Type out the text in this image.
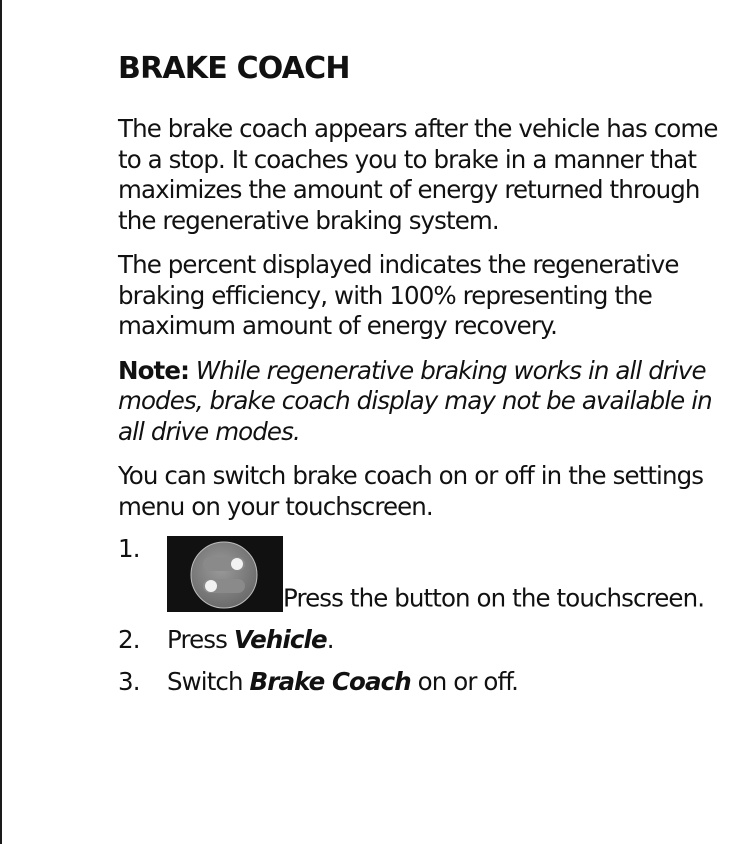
BRAKE COACH

The brake coach appears after the vehicle has come to a stop. It coaches you to brake in a manner that maximizes the amount of energy returned through the regenerative braking system.

The percent displayed indicates the regenerative braking efficiency, with 100% representing the maximum amount of energy recovery.

Note: While regenerative braking works in all drive modes, brake coach display may not be available in all drive modes.

You can switch brake coach on or off in the settings menu on your touchscreen.

1.
Press the button on the touchscreen.
2. Press Vehicle.
3. Switch Brake Coach on or off.
